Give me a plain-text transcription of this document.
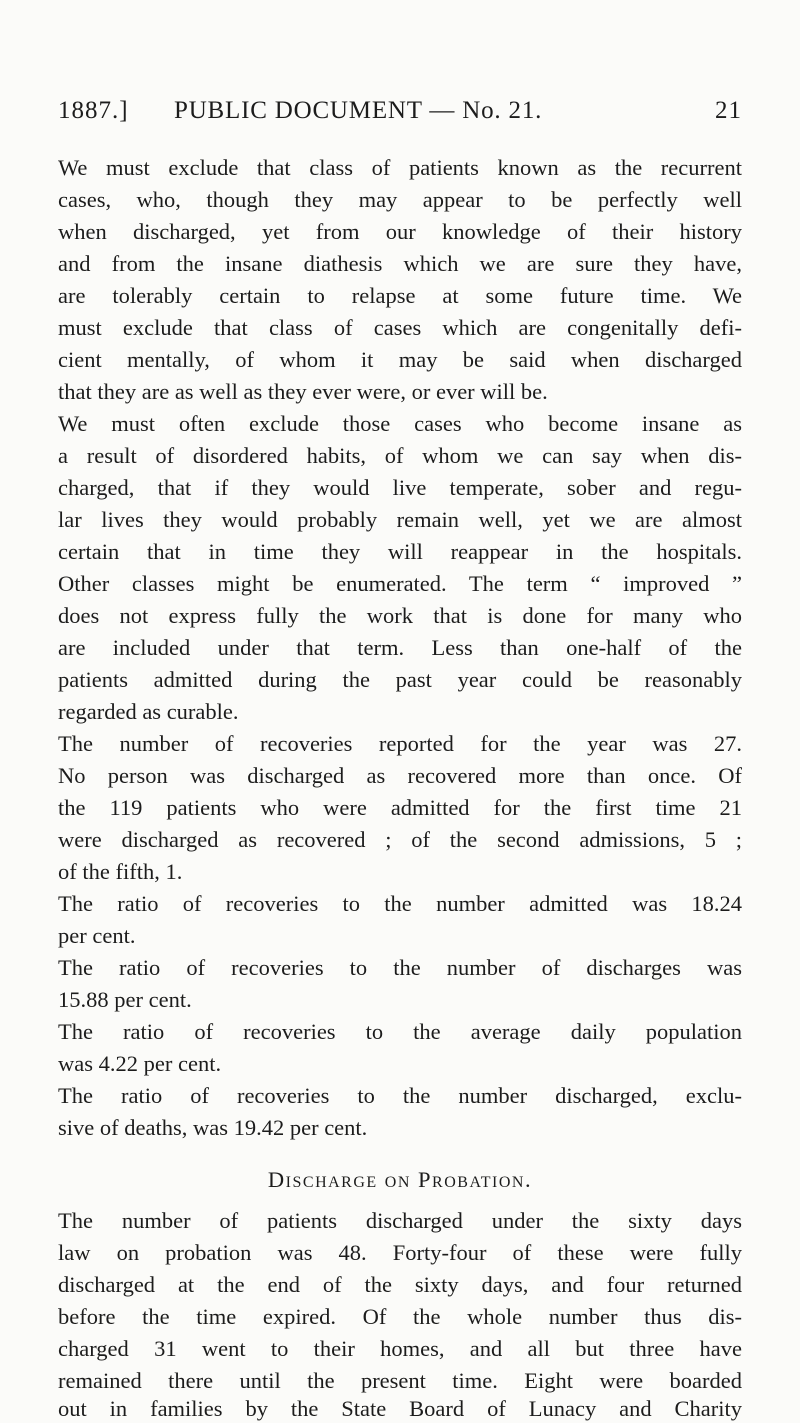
1887.] PUBLIC DOCUMENT — No. 21.	21
We must exclude that class of patients known as the recurrent
cases, who, though they may appear to be perfectly well
when discharged, yet from our knowledge of their history
and from the insane diathesis which we are sure they have,
are tolerably certain to relapse at some future time. We
must exclude that class of cases which are congenitally defi-
cient mentally, of whom it may be said when discharged
that they are as well as they ever were, or ever will be.
We must often exclude those cases who become insane as
a result of disordered habits, of whom we can say when dis-
charged, that if they would live temperate, sober and regu-
lar lives they would probably remain well, yet we are almost
certain that in time they will reappear in the hospitals.
Other classes might be enumerated. The term “ improved ”
does not express fully the work that is done for many who
are included under that term. Less than one-half of the
patients admitted during the past year could be reasonably
regarded as curable.
The number of recoveries reported for the year was 27.
No person was discharged as recovered more than once. Of
the 119 patients who were admitted for the first time 21
were discharged as recovered ; of the second admissions, 5 ;
of the fifth, 1.
The ratio of recoveries to the number admitted was 18.24
per cent.
The ratio of recoveries to the number of discharges was
15.88 per cent.
The ratio of recoveries to the average daily population
was 4.22 per cent.
The ratio of recoveries to the number discharged, exclu-
sive of deaths, was 19.42 per cent.
Discharge on Probation.
The number of patients discharged under the sixty days
law on probation was 48. Forty-four of these were fully
discharged at the end of the sixty days, and four returned
before the time expired. Of the whole number thus dis-
charged 31 went to their homes, and all but three have
remained there until the present time. Eight were boarded
out in families by the State Board of Lunacy and Charity
